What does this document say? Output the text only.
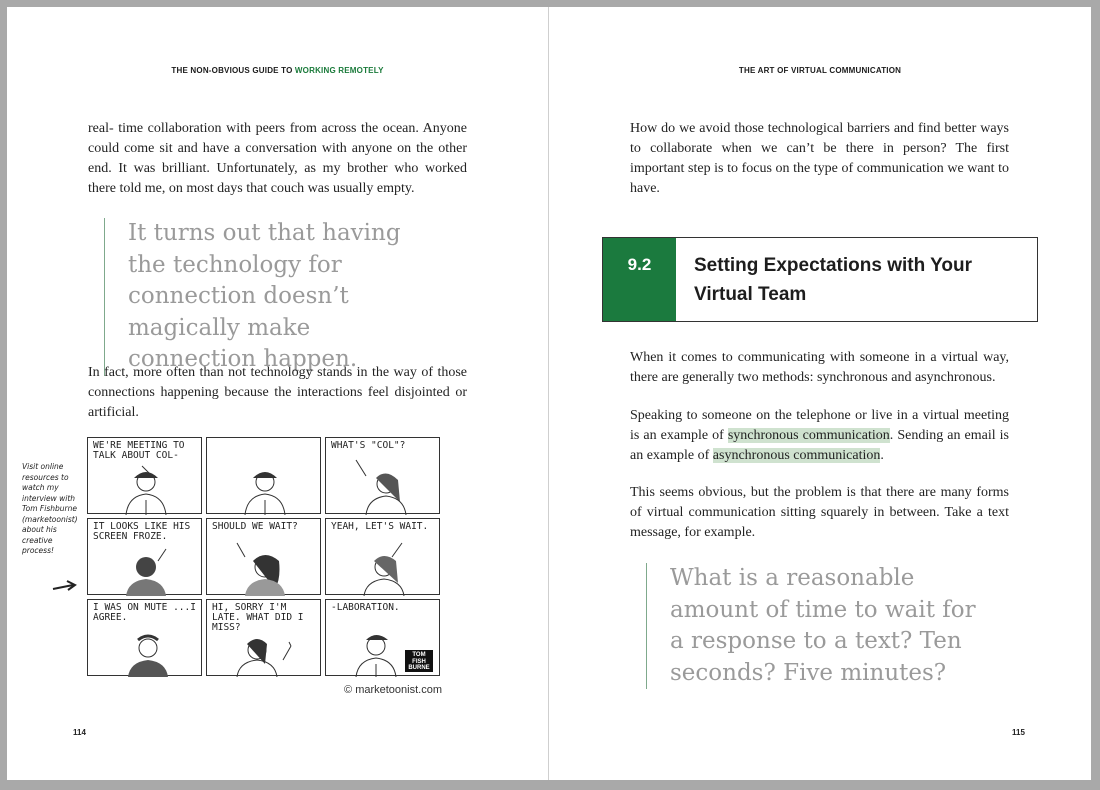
THE NON-OBVIOUS GUIDE TO WORKING REMOTELY

real- time collaboration with peers from across the ocean. Anyone could come sit and have a conversation with anyone on the other end. It was brilliant. Unfortunately, as my brother who worked there told me, on most days that couch was usually empty.

It turns out that having the technology for connection doesn’t magically make connection happen.

In fact, more often than not technology stands in the way of those connections happening because the interactions feel disjointed or artificial.

Visit online resources to watch my interview with Tom Fishburne (marketoonist) about his creative process!
WE'RE MEETING TO TALK ABOUT COL-
WHAT'S "COL"?
IT LOOKS LIKE HIS SCREEN FROZE.
SHOULD WE WAIT?	YEAH, LET'S WAIT.
I WAS ON MUTE ...I AGREE.
HI, SORRY I'M LATE. WHAT DID I MISS?
-LABORATION.
TOM FISH BURNE
© marketoonist.com
114
THE ART OF VIRTUAL COMMUNICATION

How do we avoid those technological barriers and find better ways to collaborate when we can’t be there in person? The first important step is to focus on the type of communication we want to have.

9.2	Setting Expectations with Your Virtual Team

When it comes to communicating with someone in a virtual way, there are generally two methods: synchronous and asynchronous.

Speaking to someone on the telephone or live in a virtual meeting is an example of synchronous communication. Sending an email is an example of asynchronous communication.

This seems obvious, but the problem is that there are many forms of virtual communication sitting squarely in between. Take a text message, for example.

What is a reasonable amount of time to wait for a response to a text? Ten seconds? Five minutes?
115
